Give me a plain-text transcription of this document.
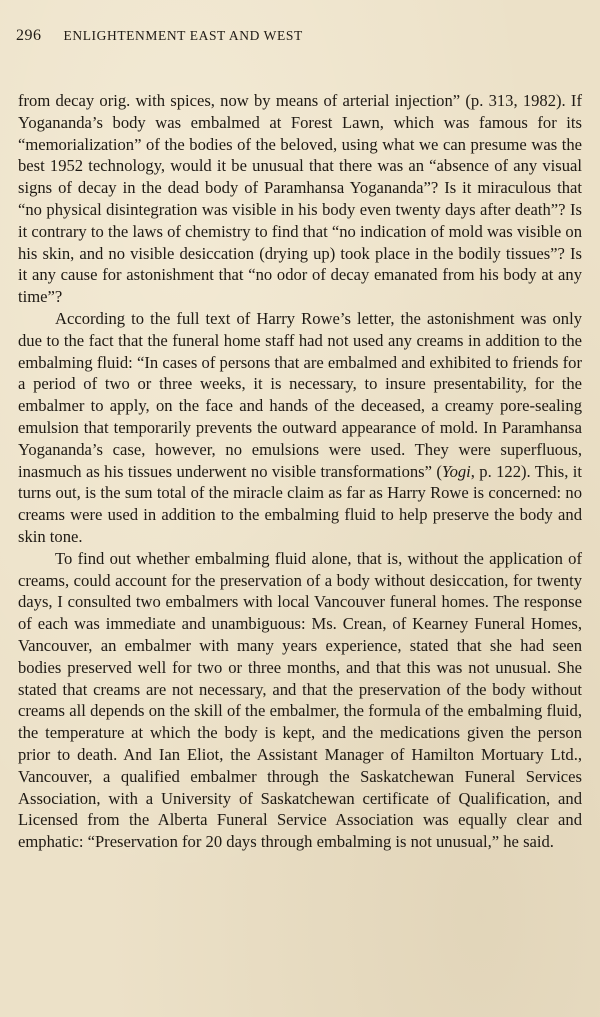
296 ENLIGHTENMENT EAST AND WEST

from decay orig. with spices, now by means of arterial injection” (p. 313, 1982). If Yogananda’s body was embalmed at Forest Lawn, which was famous for its “memorialization” of the bodies of the beloved, using what we can presume was the best 1952 technology, would it be unusual that there was an “absence of any visual signs of decay in the dead body of Paramhansa Yogananda”? Is it miraculous that “no physical disintegration was visible in his body even twenty days after death”? Is it contrary to the laws of chemistry to find that “no indication of mold was visible on his skin, and no visible desiccation (drying up) took place in the bodily tissues”? Is it any cause for astonishment that “no odor of decay emanated from his body at any time”?

According to the full text of Harry Rowe’s letter, the astonishment was only due to the fact that the funeral home staff had not used any creams in addition to the embalming fluid: “In cases of persons that are embalmed and exhibited to friends for a period of two or three weeks, it is necessary, to insure presentability, for the embalmer to apply, on the face and hands of the deceased, a creamy pore-sealing emulsion that temporarily prevents the outward appearance of mold. In Paramhansa Yogananda’s case, however, no emulsions were used. They were superfluous, inasmuch as his tissues underwent no visible transformations” (Yogi, p. 122). This, it turns out, is the sum total of the miracle claim as far as Harry Rowe is concerned: no creams were used in addition to the embalming fluid to help preserve the body and skin tone.

To find out whether embalming fluid alone, that is, without the application of creams, could account for the preservation of a body without desiccation, for twenty days, I consulted two embalmers with local Vancouver funeral homes. The response of each was immediate and unambiguous: Ms. Crean, of Kearney Funeral Homes, Vancouver, an embalmer with many years experience, stated that she had seen bodies preserved well for two or three months, and that this was not unusual. She stated that creams are not necessary, and that the preservation of the body without creams all depends on the skill of the embalmer, the formula of the embalming fluid, the temperature at which the body is kept, and the medications given the person prior to death. And Ian Eliot, the Assistant Manager of Hamilton Mortuary Ltd., Vancouver, a qualified embalmer through the Saskatchewan Funeral Services Association, with a University of Saskatchewan certificate of Qualification, and Licensed from the Alberta Funeral Service Association was equally clear and emphatic: “Preservation for 20 days through embalming is not unusual,” he said.
